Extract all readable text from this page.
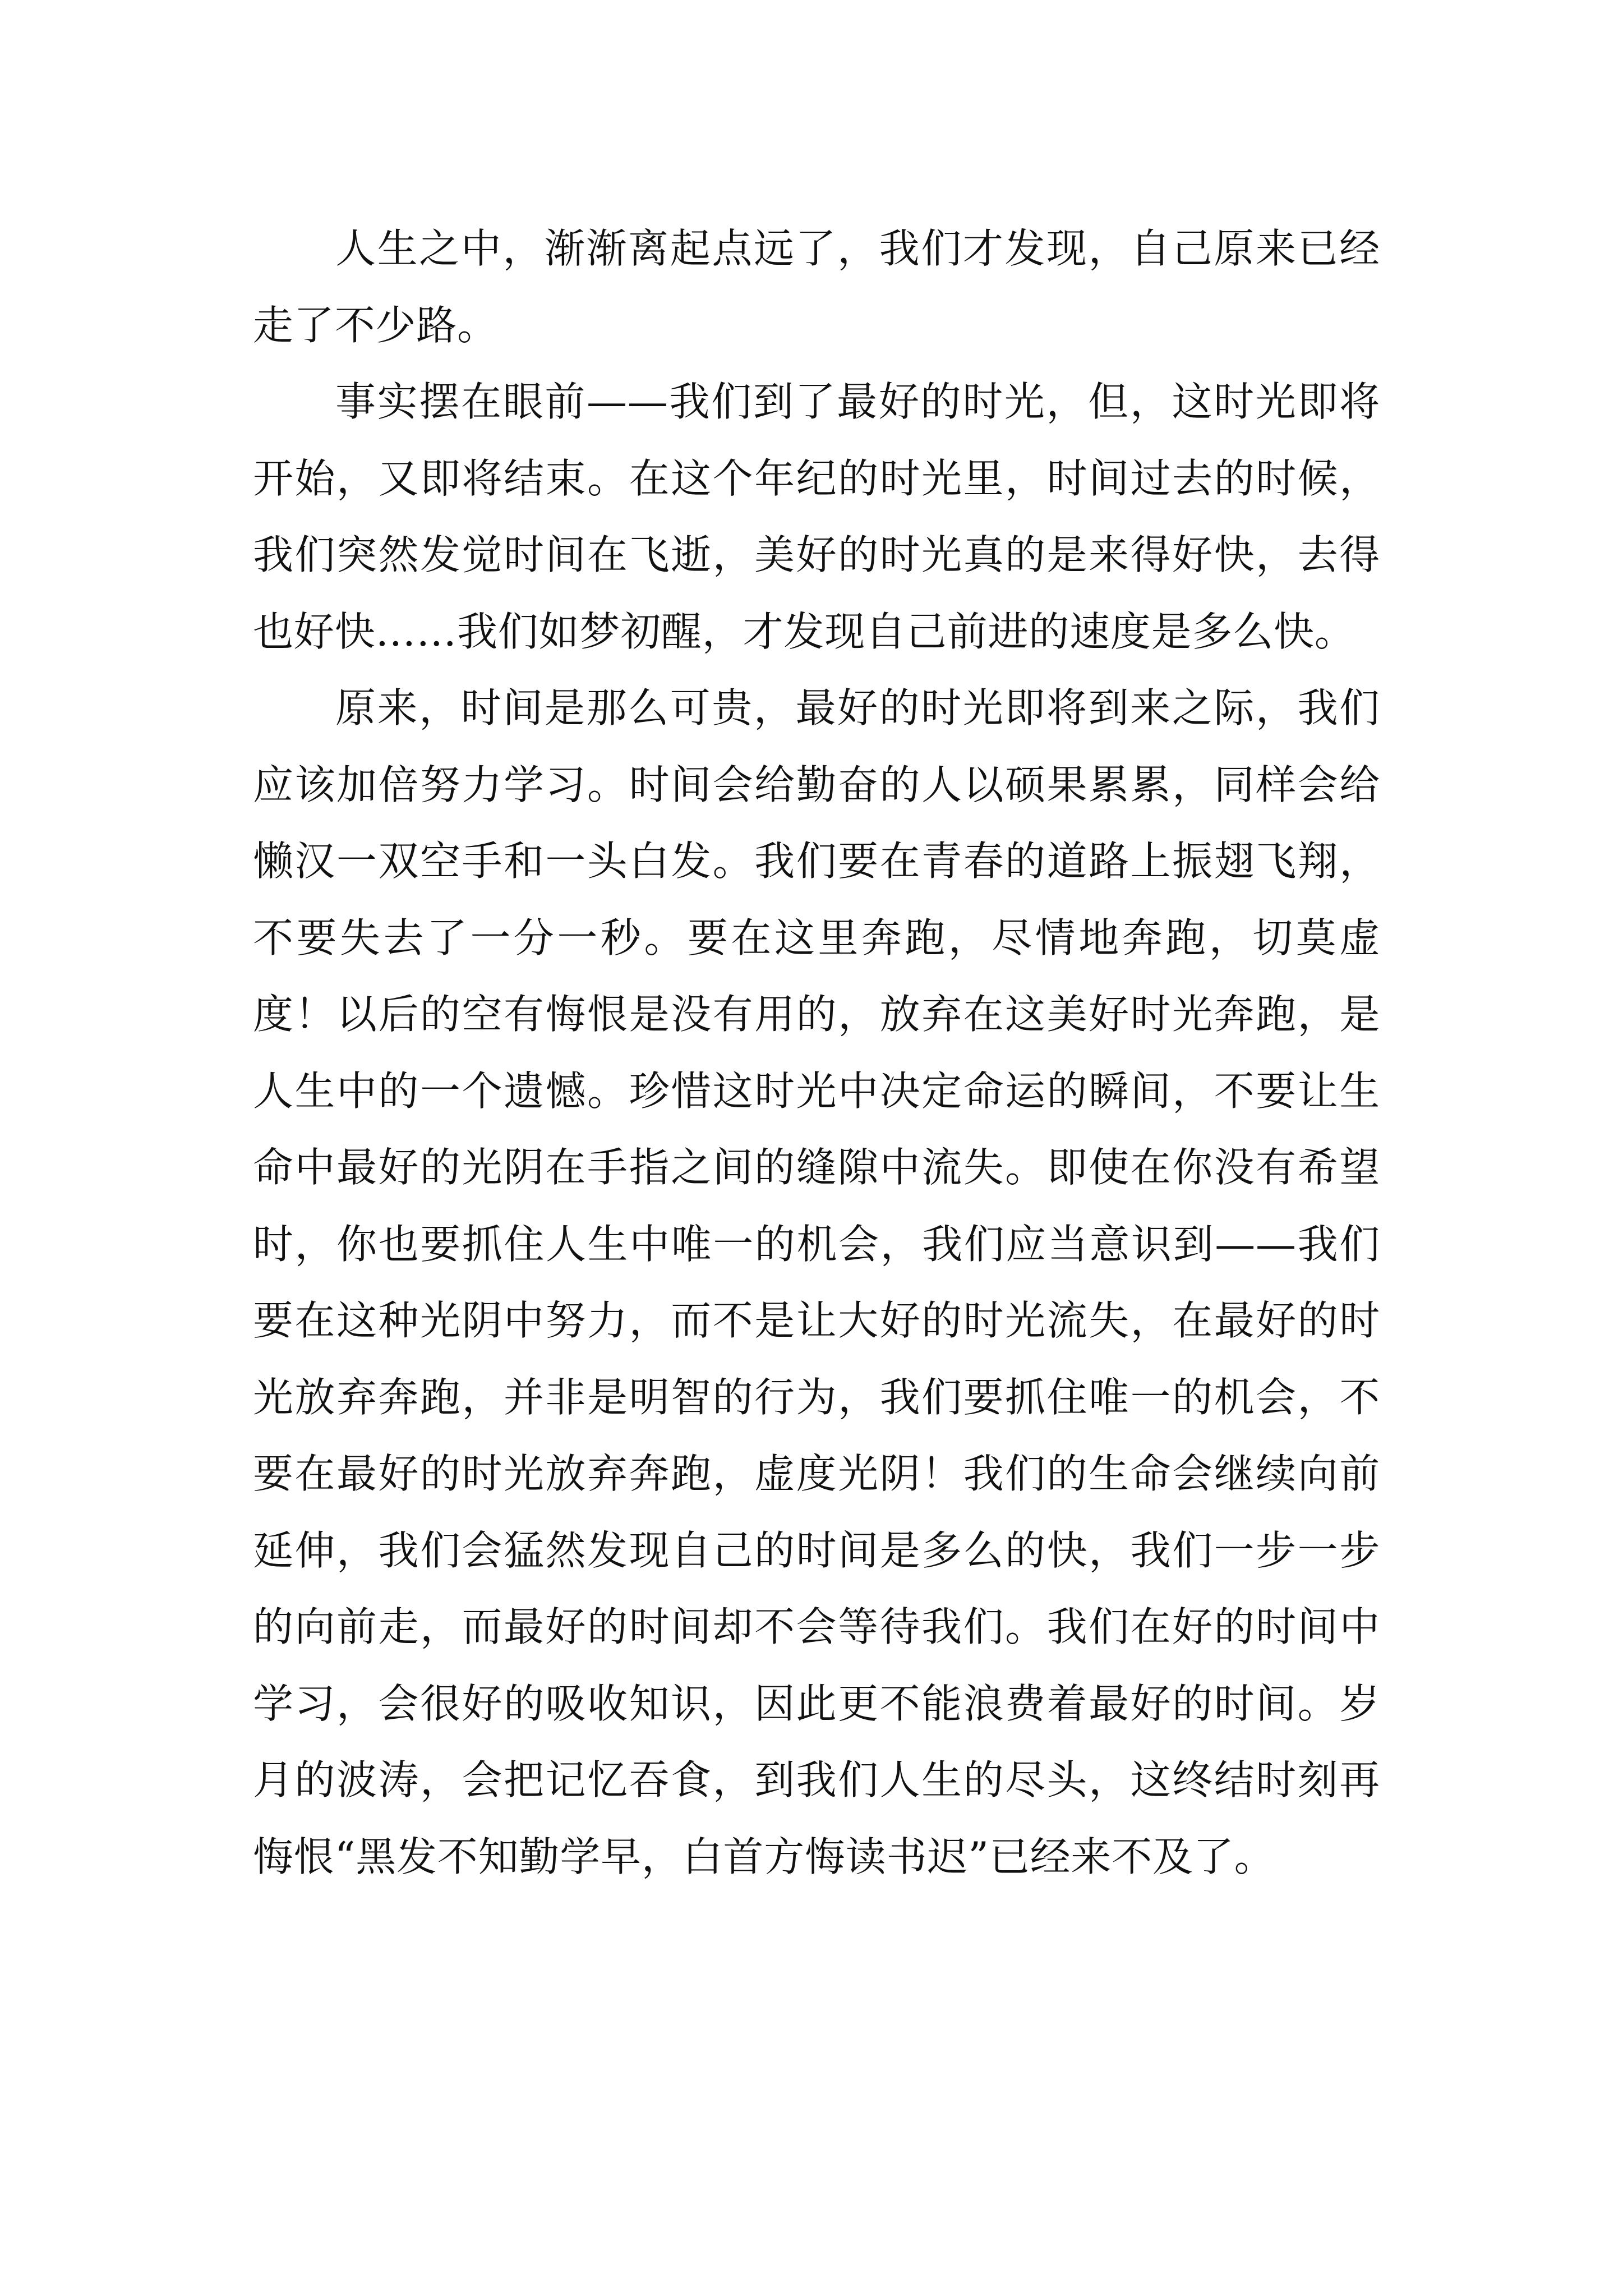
人生之中，渐渐离起点远了，我们才发现，自己原来已经走了不少路。

事实摆在眼前——我们到了最好的时光，但，这时光即将开始，又即将结束。在这个年纪的时光里，时间过去的时候，我们突然发觉时间在飞逝，美好的时光真的是来得好快，去得也好快……我们如梦初醒，才发现自己前进的速度是多么快。

原来，时间是那么可贵，最好的时光即将到来之际，我们应该加倍努力学习。时间会给勤奋的人以硕果累累，同样会给懒汉一双空手和一头白发。我们要在青春的道路上振翅飞翔，不要失去了一分一秒。要在这里奔跑，尽情地奔跑，切莫虚度！以后的空有悔恨是没有用的，放弃在这美好时光奔跑，是人生中的一个遗憾。珍惜这时光中决定命运的瞬间，不要让生命中最好的光阴在手指之间的缝隙中流失。即使在你没有希望时，你也要抓住人生中唯一的机会，我们应当意识到——我们要在这种光阴中努力，而不是让大好的时光流失，在最好的时光放弃奔跑，并非是明智的行为，我们要抓住唯一的机会，不要在最好的时光放弃奔跑，虚度光阴！我们的生命会继续向前延伸，我们会猛然发现自己的时间是多么的快，我们一步一步的向前走，而最好的时间却不会等待我们。我们在好的时间中学习，会很好的吸收知识，因此更不能浪费着最好的时间。岁月的波涛，会把记忆吞食，到我们人生的尽头，这终结时刻再悔恨“黑发不知勤学早，白首方悔读书迟”已经来不及了。
